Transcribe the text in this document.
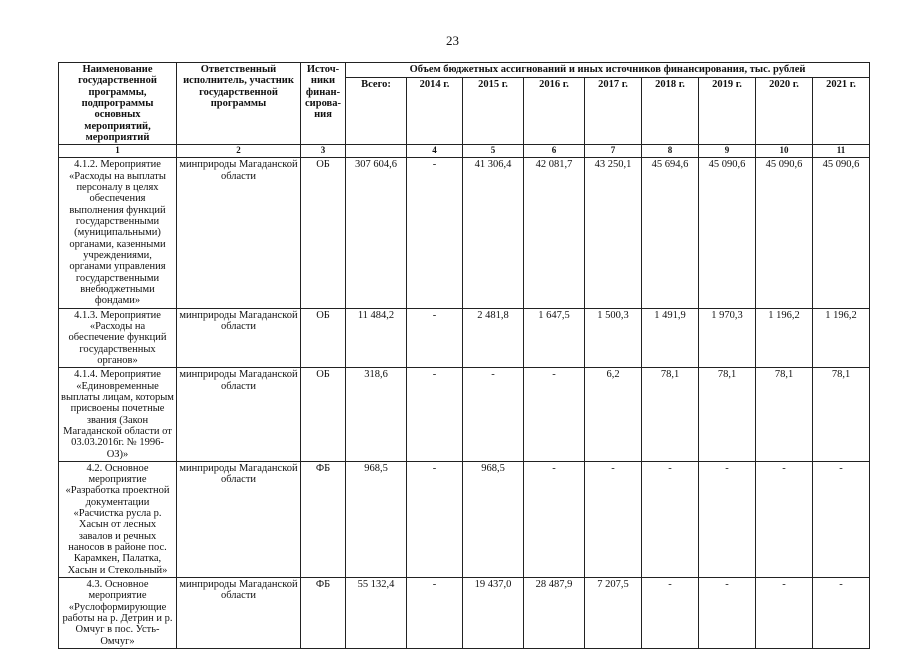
23
Наименование государственной программы, подпрограммы основных мероприятий, мероприятий	Ответственный исполнитель, участник государственной программы	Источ-ники финан-сирова-ния	Объем бюджетных ассигнований и иных источников финансирования, тыс. рублей								
			Всего:	2014 г.	2015 г.	2016 г.	2017 г.	2018 г.	2019 г.	2020 г.	2021 г.
1	2	3		4	5	6	7	8	9	10	11
4.1.2. Мероприятие «Расходы на выплаты персоналу в целях обеспечения выполнения функций государственными (муниципальными) органами, казенными учреждениями, органами управления государственными внебюджетными фондами»	минприроды Магаданской области	ОБ	307 604,6	-	41 306,4	42 081,7	43 250,1	45 694,6	45 090,6	45 090,6	45 090,6
4.1.3. Мероприятие «Расходы на обеспечение функций государственных органов»	минприроды Магаданской области	ОБ	11 484,2	-	2 481,8	1 647,5	1 500,3	1 491,9	1 970,3	1 196,2	1 196,2
4.1.4. Мероприятие «Единовременные выплаты лицам, которым присвоены почетные звания (Закон Магаданской области от 03.03.2016г. № 1996-ОЗ)»	минприроды Магаданской области	ОБ	318,6	-	-	-	6,2	78,1	78,1	78,1	78,1
4.2. Основное мероприятие «Разработка проектной документации «Расчистка русла р. Хасын от лесных завалов и речных наносов в районе пос. Карамкен, Палатка, Хасын и Стекольный»	минприроды Магаданской области	ФБ	968,5	-	968,5	-	-	-	-	-	-
4.3. Основное мероприятие «Руслоформирующие работы на р. Детрин и р. Омчуг в пос. Усть-Омчуг»	минприроды Магаданской области	ФБ	55 132,4	-	19 437,0	28 487,9	7 207,5	-	-	-	-
